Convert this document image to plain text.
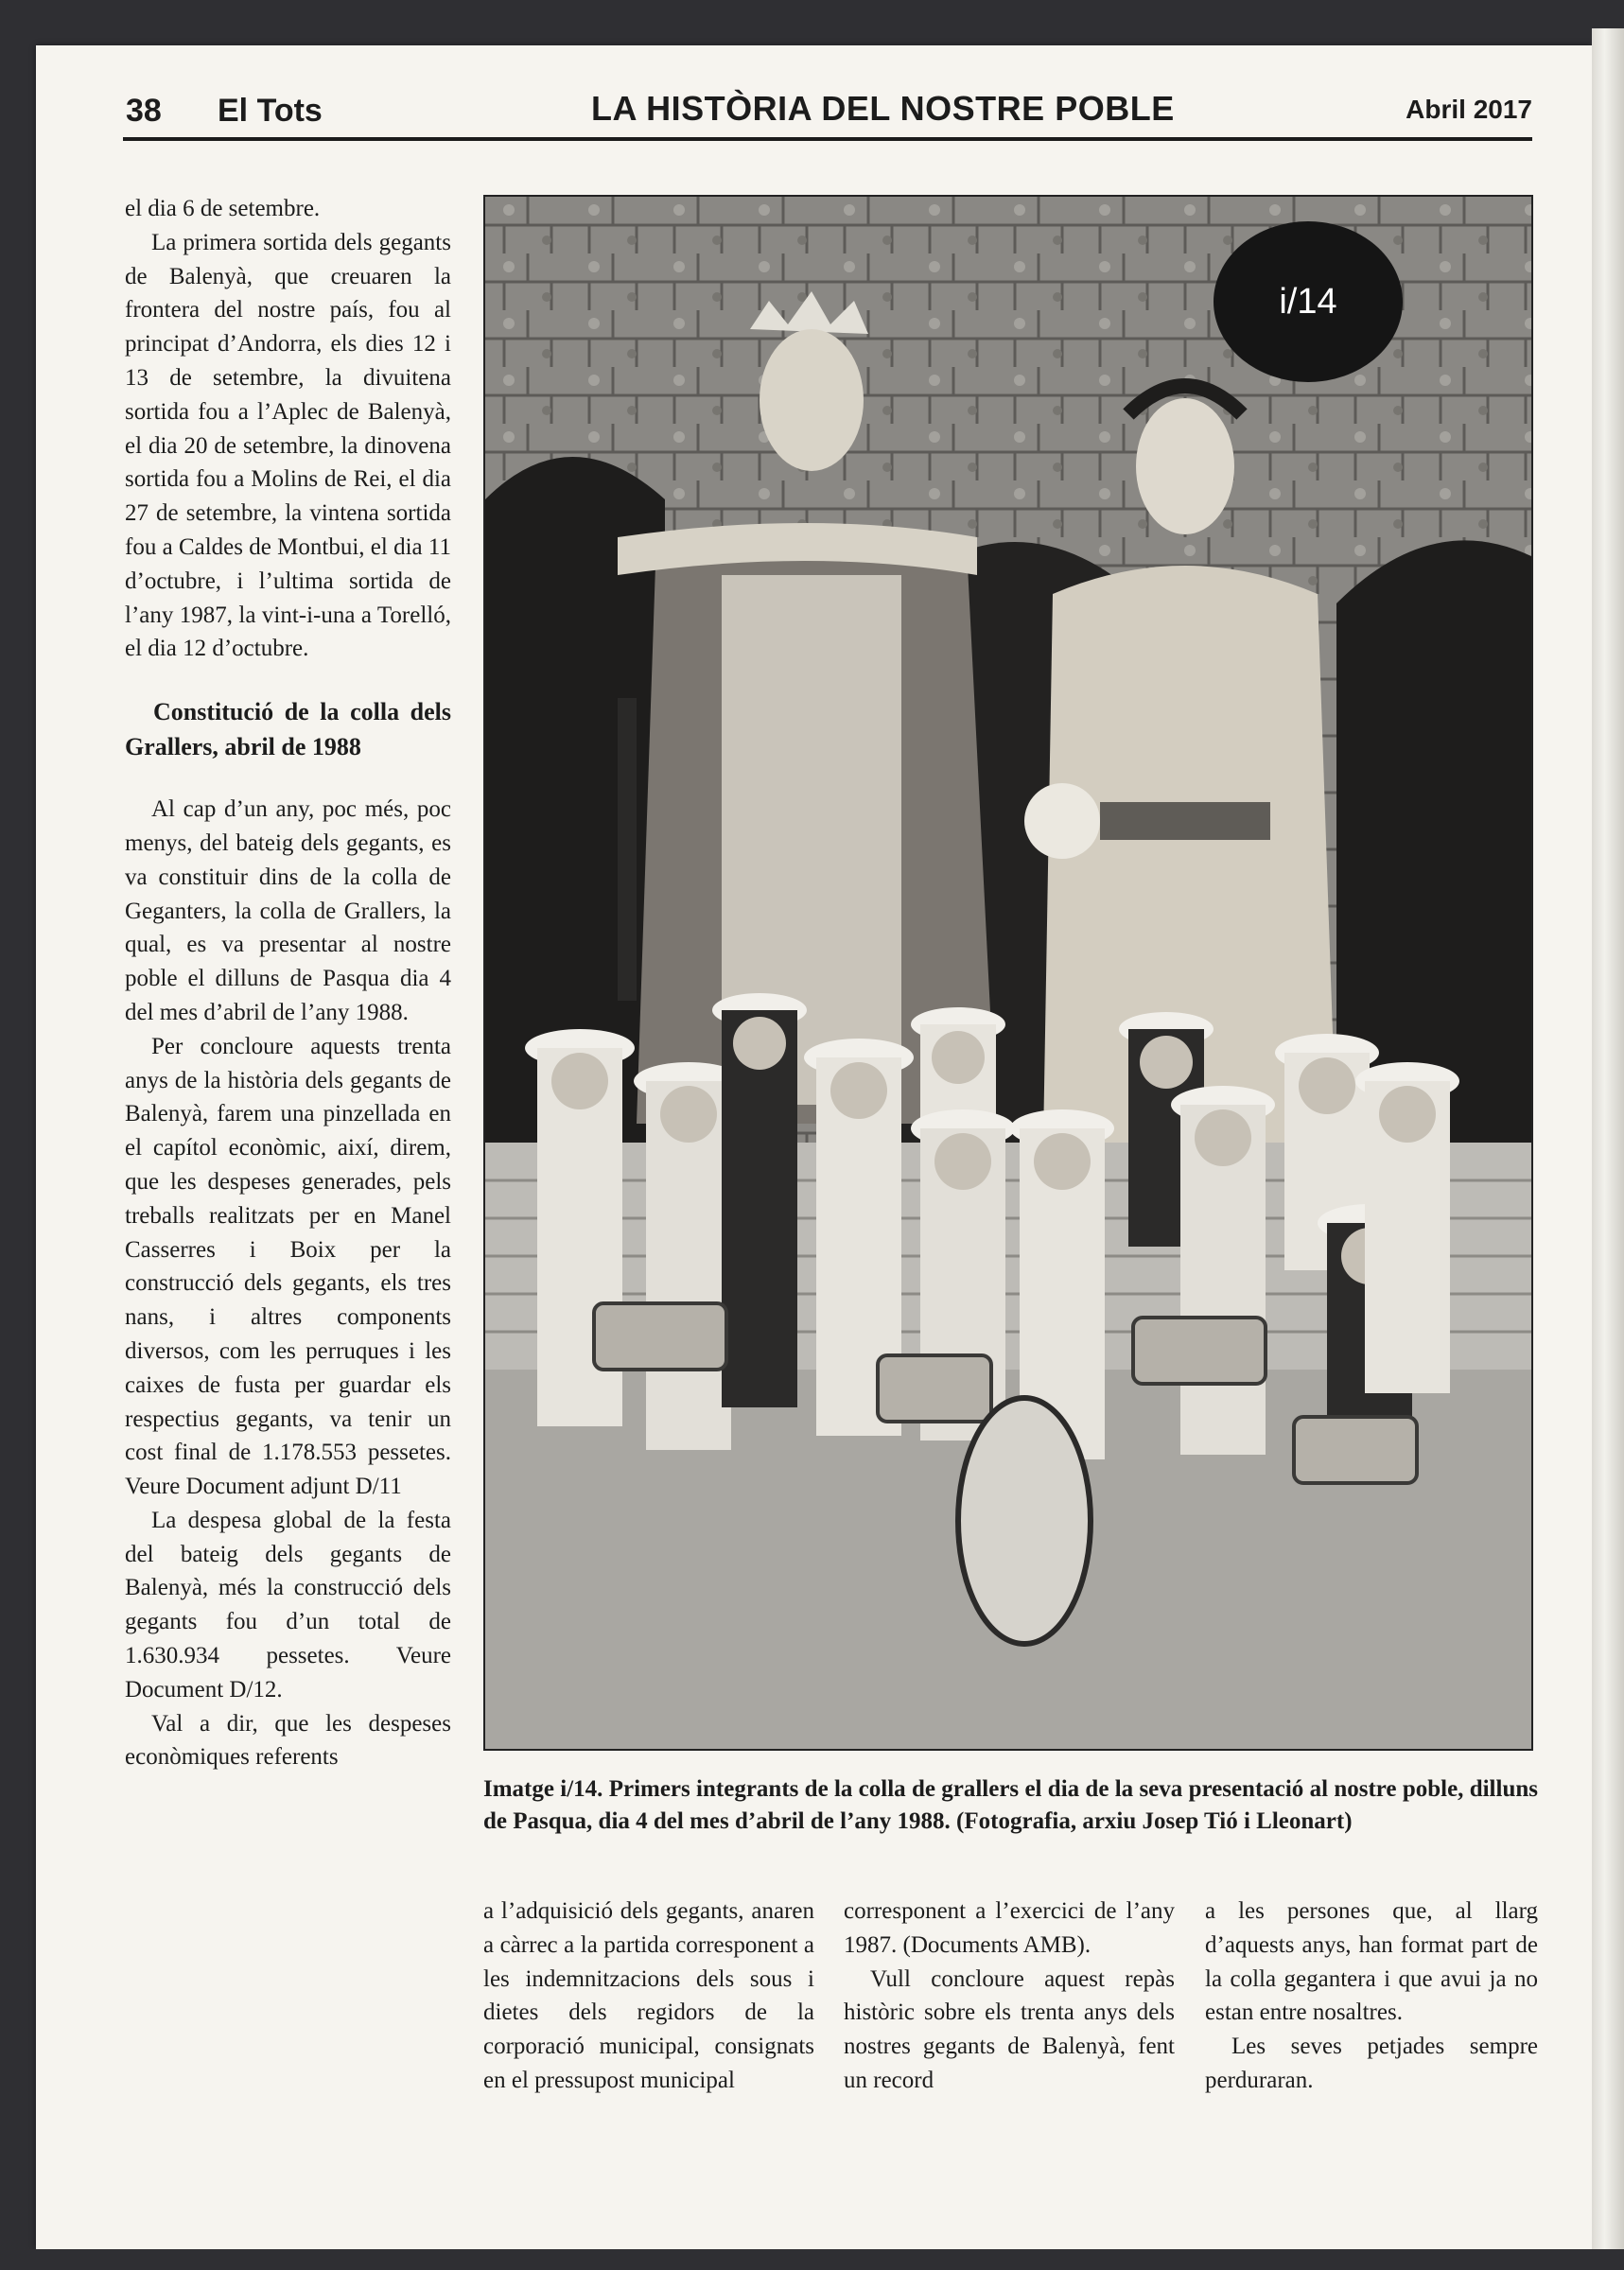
38 El Tots	LA HISTÒRIA DEL NOSTRE POBLE	Abril 2017

el dia 6 de setembre.

La primera sortida dels gegants de Balenyà, que creuaren la frontera del nostre país, fou al principat d’Andorra, els dies 12 i 13 de setembre, la divuitena sortida fou a l’Aplec de Balenyà, el dia 20 de setembre, la dinovena sortida fou a Molins de Rei, el dia 27 de setembre, la vintena sortida fou a Caldes de Montbui, el dia 11 d’octubre, i l’ultima sortida de l’any 1987, la vint-i-una a Torelló, el dia 12 d’octubre.

Constitució de la colla dels Grallers, abril de 1988

Al cap d’un any, poc més, poc menys, del bateig dels gegants, es va constituir dins de la colla de Geganters, la colla de Grallers, la qual, es va presentar al nostre poble el dilluns de Pasqua dia 4 del mes d’abril de l’any 1988.

Per concloure aquests trenta anys de la història dels gegants de Balenyà, farem una pinzellada en el capítol econòmic, així, direm, que les despeses generades, pels treballs realitzats per en Manel Casserres i Boix per la construcció dels gegants, els tres nans, i altres components diversos, com les perruques i les caixes de fusta per guardar els respectius gegants, va tenir un cost final de 1.178.553 pessetes. Veure Document adjunt D/11

La despesa global de la festa del bateig dels gegants de Balenyà, més la construcció dels gegants fou d’un total de 1.630.934 pessetes. Veure Document D/12.

Val a dir, que les despeses econòmiques referents

i/14
Imatge i/14. Primers integrants de la colla de grallers el dia de la seva presentació al nostre poble, dilluns de Pasqua, dia 4 del mes d’abril de l’any 1988. (Fotografia, arxiu Josep Tió i Lleonart)

a l’adquisició dels gegants, anaren a càrrec a la partida corresponent a les indemnitzacions dels sous i dietes dels regidors de la corporació municipal, consignats en el pressupost municipal

corresponent a l’exercici de l’any 1987. (Documents AMB).

Vull concloure aquest repàs històric sobre els trenta anys dels nostres gegants de Balenyà, fent un record

a les persones que, al llarg d’aquests anys, han format part de la colla gegantera i que avui ja no estan entre nosaltres.

Les seves petjades sempre perduraran.
